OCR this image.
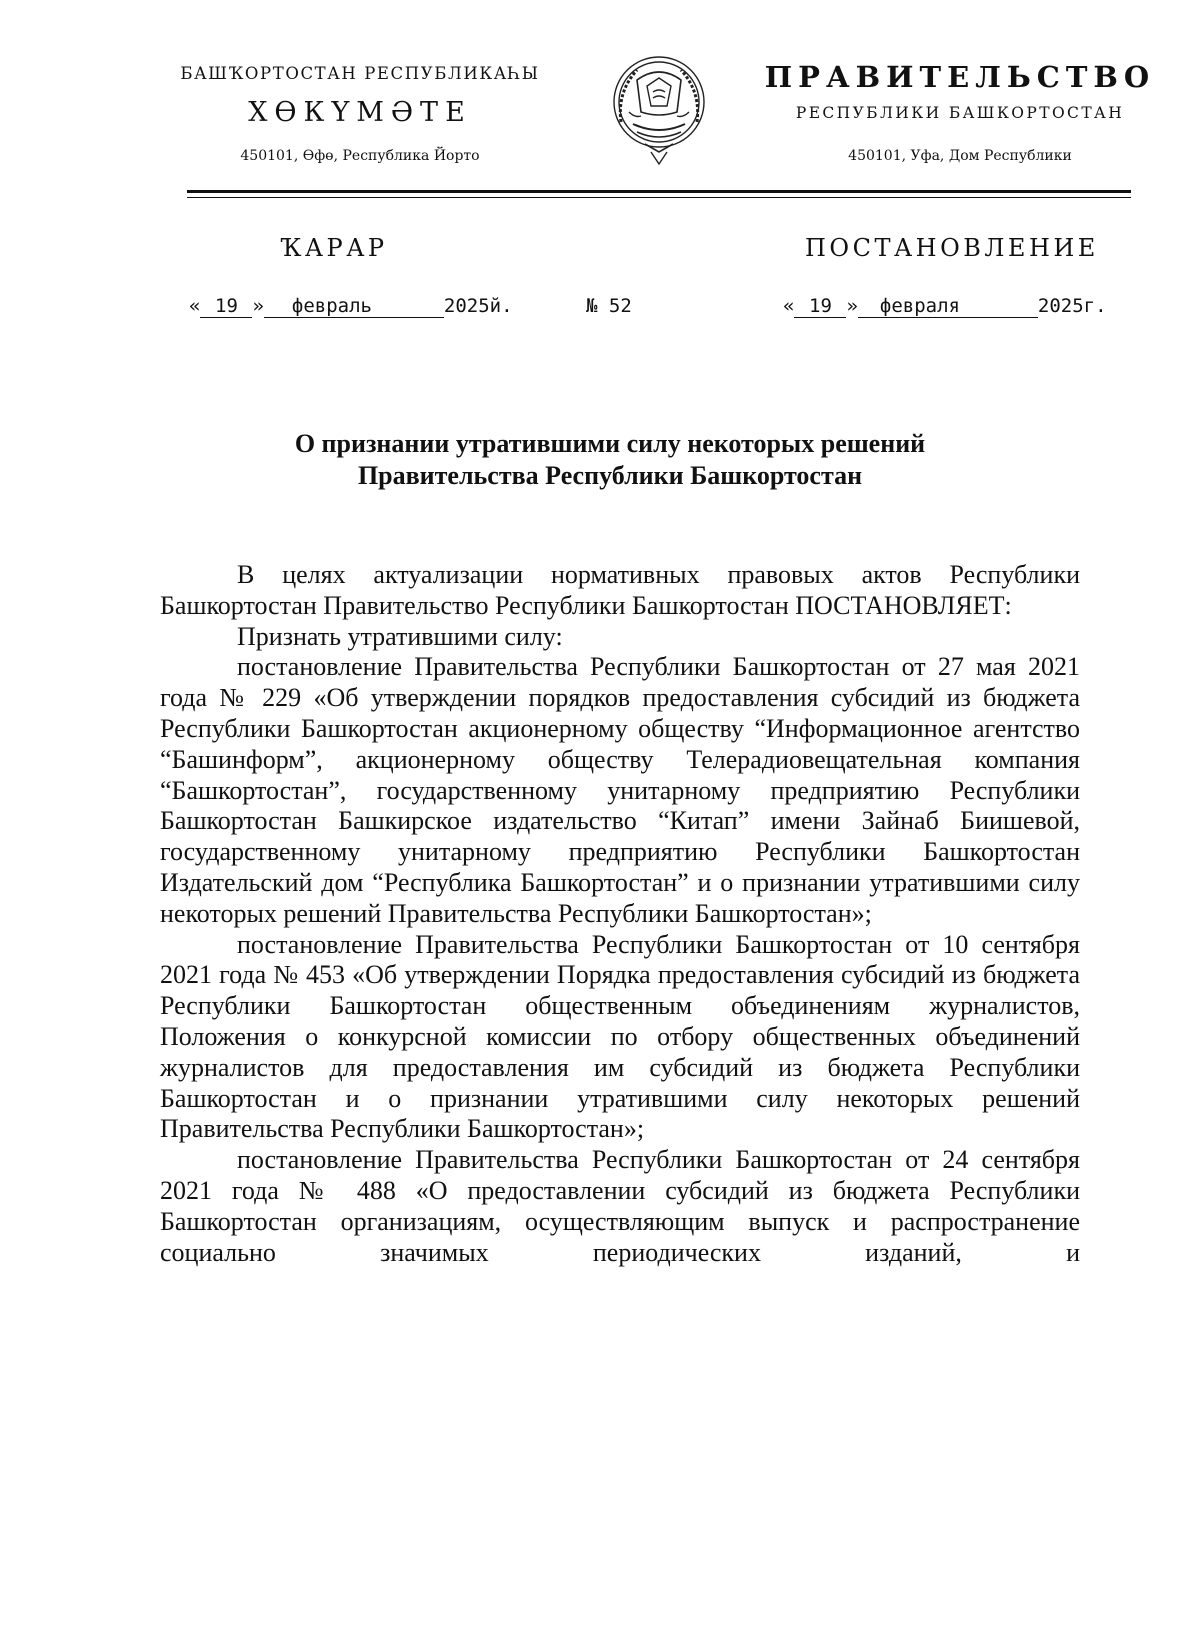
БАШҠОРТОСТАН РЕСПУБЛИКАҺЫ
ХӨКҮМӘТЕ
450101, Өфө, Республика Йорто
ПРАВИТЕЛЬСТВО
РЕСПУБЛИКИ БАШКОРТОСТАН
450101, Уфа, Дом Республики
ҠАРАР	ПОСТАНОВЛЕНИЕ
« 19 » февраль	2025й.	№ 52	« 19 » февраля	2025г.
О признании утратившими силу некоторых решений
Правительства Республики Башкортостан

В целях актуализации нормативных правовых актов Республики Башкортостан Правительство Республики Башкортостан ПОСТАНОВЛЯЕТ:

Признать утратившими силу:

постановление Правительства Республики Башкортостан от 27 мая 2021 года № 229 «Об утверждении порядков предоставления субсидий из бюджета Республики Башкортостан акционерному обществу “Информационное агентство “Башинформ”, акционерному обществу Телерадиовещательная компания “Башкортостан”, государственному унитарному предприятию Республики Башкортостан Башкирское издательство “Китап” имени Зайнаб Биишевой, государственному унитарному предприятию Республики Башкортостан Издательский дом “Республика Башкортостан” и о признании утратившими силу некоторых решений Правительства Республики Башкортостан»;

постановление Правительства Республики Башкортостан от 10 сентября 2021 года № 453 «Об утверждении Порядка предоставления субсидий из бюджета Республики Башкортостан общественным объединениям журналистов, Положения о конкурсной комиссии по отбору общественных объединений журналистов для предоставления им субсидий из бюджета Республики Башкортостан и о признании утратившими силу некоторых решений Правительства Республики Башкортостан»;

постановление Правительства Республики Башкортостан от 24 сентября 2021 года № 488 «О предоставлении субсидий из бюджета Республики Башкортостан организациям, осуществляющим выпуск и распространение социально значимых периодических изданий, и
